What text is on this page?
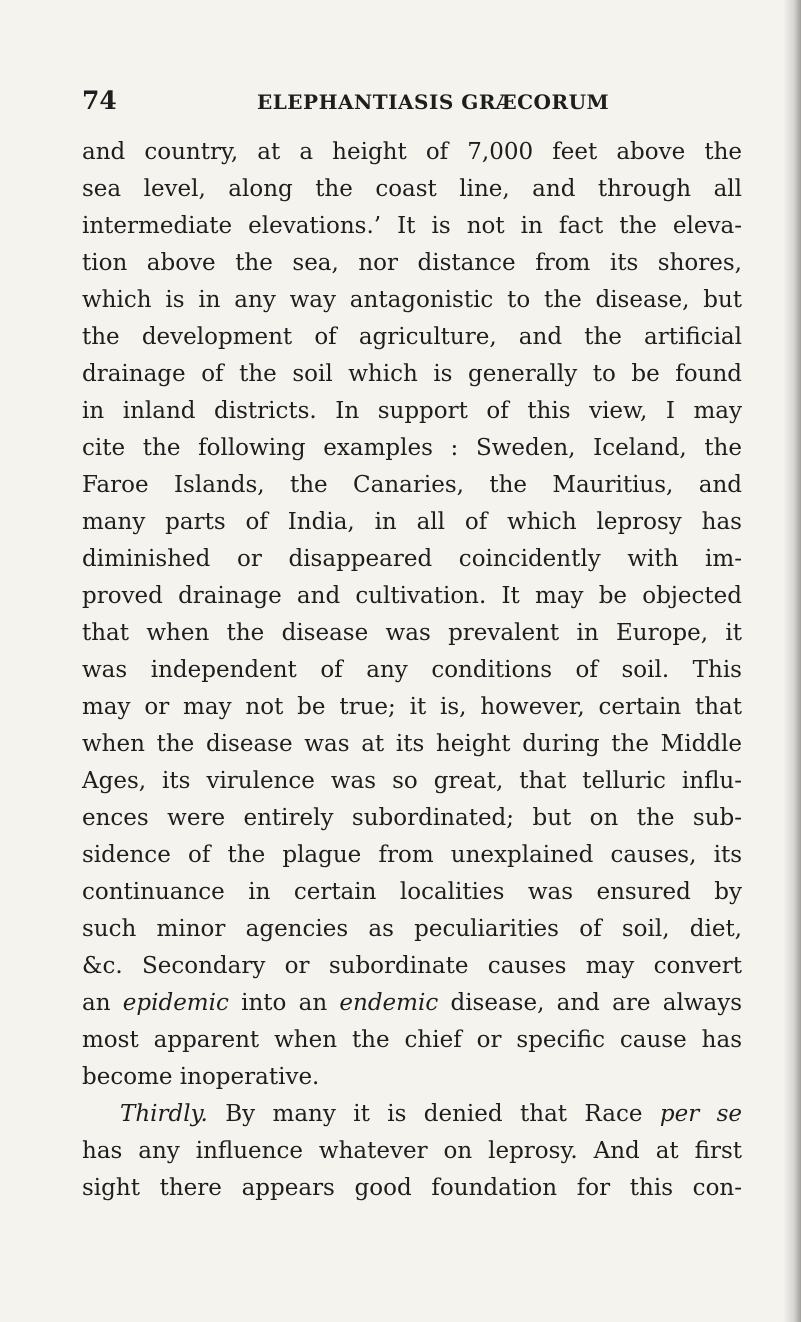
74	ELEPHANTIASIS GRÆCORUM
and country, at a height of 7,000 feet above the
sea level, along the coast line, and through all
intermediate elevations.’ It is not in fact the eleva-
tion above the sea, nor distance from its shores,
which is in any way antagonistic to the disease, but
the development of agriculture, and the artificial
drainage of the soil which is generally to be found
in inland districts. In support of this view, I may
cite the following examples : Sweden, Iceland, the
Faroe Islands, the Canaries, the Mauritius, and
many parts of India, in all of which leprosy has
diminished or disappeared coincidently with im-
proved drainage and cultivation. It may be objected
that when the disease was prevalent in Europe, it
was independent of any conditions of soil. This
may or may not be true; it is, however, certain that
when the disease was at its height during the Middle
Ages, its virulence was so great, that telluric influ-
ences were entirely subordinated; but on the sub-
sidence of the plague from unexplained causes, its
continuance in certain localities was ensured by
such minor agencies as peculiarities of soil, diet,
&c. Secondary or subordinate causes may convert
an epidemic into an endemic disease, and are always
most apparent when the chief or specific cause has
become inoperative.
Thirdly. By many it is denied that Race per se
has any influence whatever on leprosy. And at first
sight there appears good foundation for this con-
